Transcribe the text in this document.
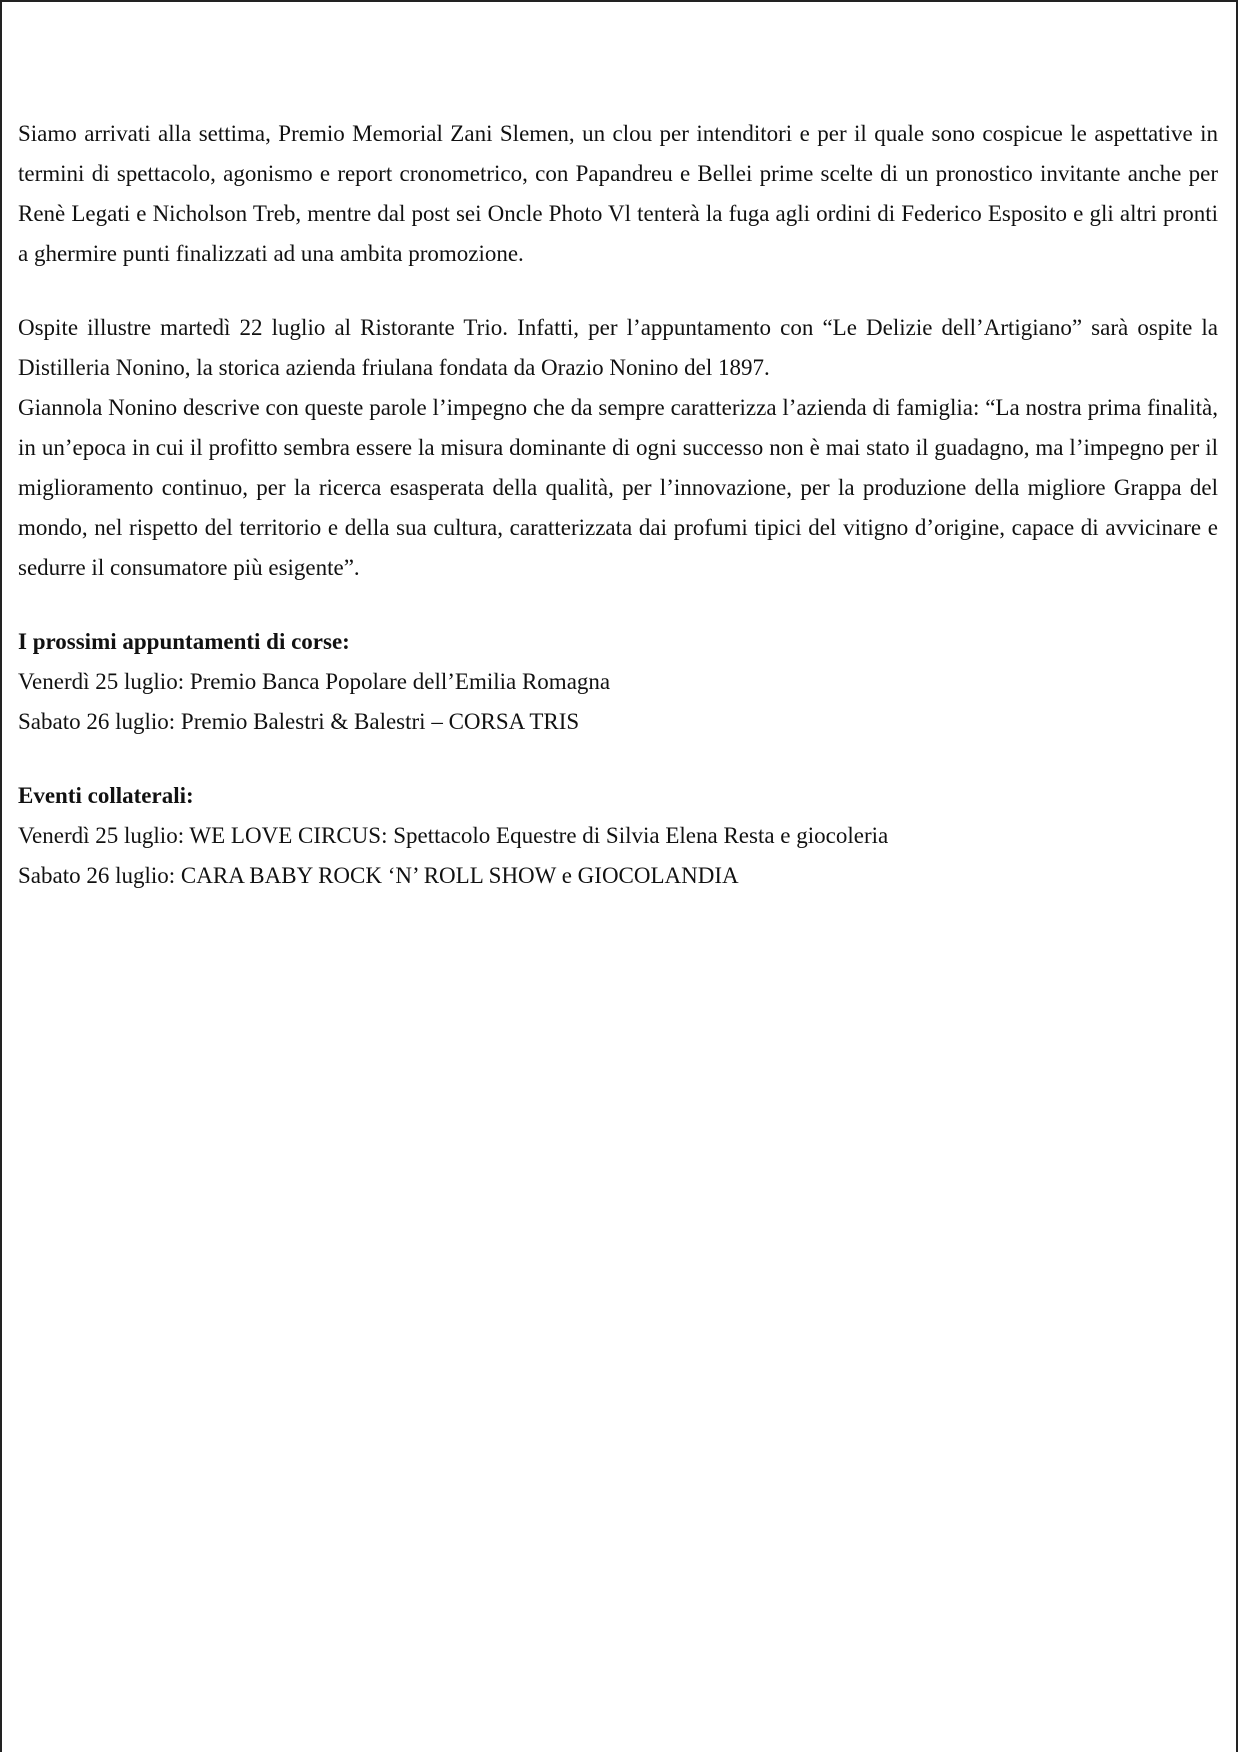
Siamo arrivati alla settima, Premio Memorial Zani Slemen, un clou per intenditori e per il quale sono cospicue le aspettative in termini di spettacolo, agonismo e report cronometrico, con Papandreu e Bellei prime scelte di un pronostico invitante anche per Renè Legati e Nicholson Treb, mentre dal post sei Oncle Photo Vl tenterà la fuga agli ordini di Federico Esposito e gli altri pronti a ghermire punti finalizzati ad una ambita promozione.

Ospite illustre martedì 22 luglio al Ristorante Trio. Infatti, per l’appuntamento con “Le Delizie dell’Artigiano” sarà ospite la Distilleria Nonino, la storica azienda friulana fondata da Orazio Nonino del 1897.

Giannola Nonino descrive con queste parole l’impegno che da sempre caratterizza l’azienda di famiglia: “La nostra prima finalità, in un’epoca in cui il profitto sembra essere la misura dominante di ogni successo non è mai stato il guadagno, ma l’impegno per il miglioramento continuo, per la ricerca esasperata della qualità, per l’innovazione, per la produzione della migliore Grappa del mondo, nel rispetto del territorio e della sua cultura, caratterizzata dai profumi tipici del vitigno d’origine, capace di avvicinare e sedurre il consumatore più esigente”.

I prossimi appuntamenti di corse:

Venerdì 25 luglio: Premio Banca Popolare dell’Emilia Romagna

Sabato 26 luglio: Premio Balestri & Balestri – CORSA TRIS

Eventi collaterali:

Venerdì 25 luglio: WE LOVE CIRCUS: Spettacolo Equestre di Silvia Elena Resta e giocoleria

Sabato 26 luglio: CARA BABY ROCK ‘N’ ROLL SHOW e GIOCOLANDIA
